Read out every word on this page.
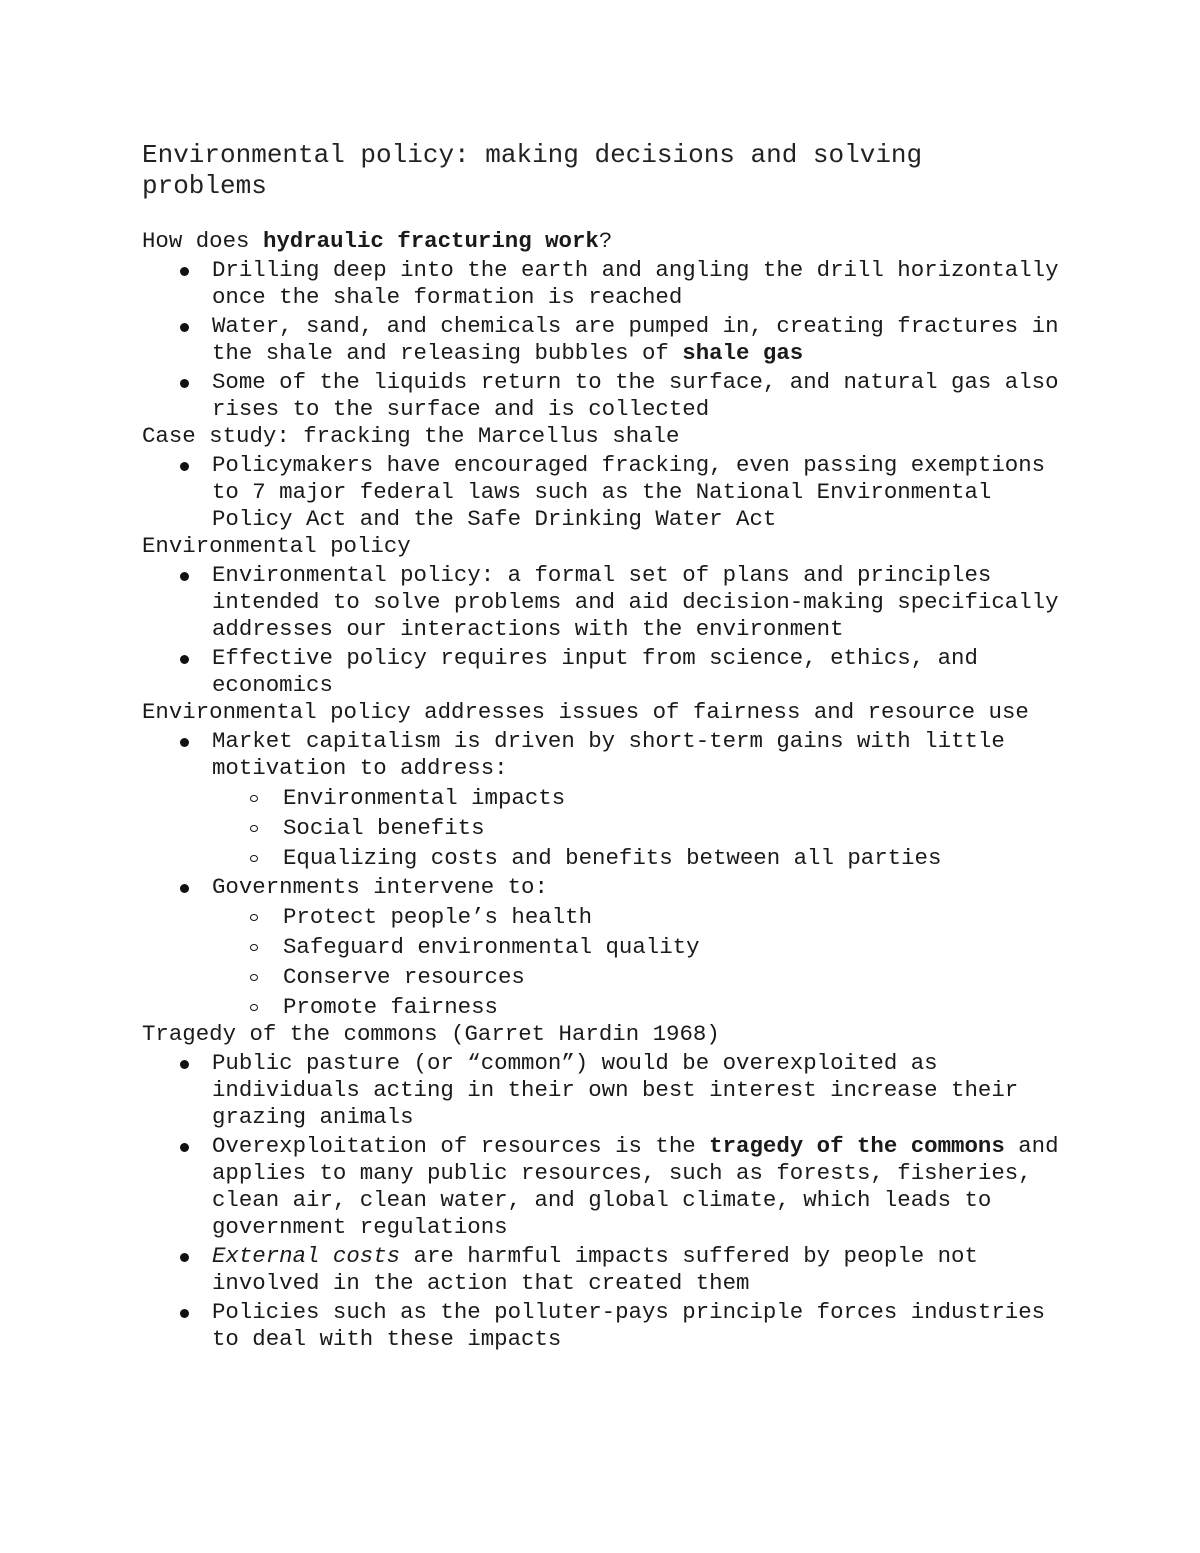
Environmental policy: making decisions and solving problems

How does hydraulic fracturing work?

Drilling deep into the earth and angling the drill horizontally once the shale formation is reached
Water, sand, and chemicals are pumped in, creating fractures in the shale and releasing bubbles of shale gas
Some of the liquids return to the surface, and natural gas also rises to the surface and is collected

Case study: fracking the Marcellus shale

Policymakers have encouraged fracking, even passing exemptions to 7 major federal laws such as the National Environmental Policy Act and the Safe Drinking Water Act

Environmental policy

Environmental policy: a formal set of plans and principles intended to solve problems and aid decision-making specifically addresses our interactions with the environment
Effective policy requires input from science, ethics, and economics

Environmental policy addresses issues of fairness and resource use

Market capitalism is driven by short-term gains with little motivation to address:
Environmental impacts
Social benefits
Equalizing costs and benefits between all parties
Governments intervene to:
Protect people’s health
Safeguard environmental quality
Conserve resources
Promote fairness

Tragedy of the commons (Garret Hardin 1968)

Public pasture (or “common”) would be overexploited as individuals acting in their own best interest increase their grazing animals
Overexploitation of resources is the tragedy of the commons and applies to many public resources, such as forests, fisheries, clean air, clean water, and global climate, which leads to government regulations
External costs are harmful impacts suffered by people not involved in the action that created them
Policies such as the polluter-pays principle forces industries to deal with these impacts
